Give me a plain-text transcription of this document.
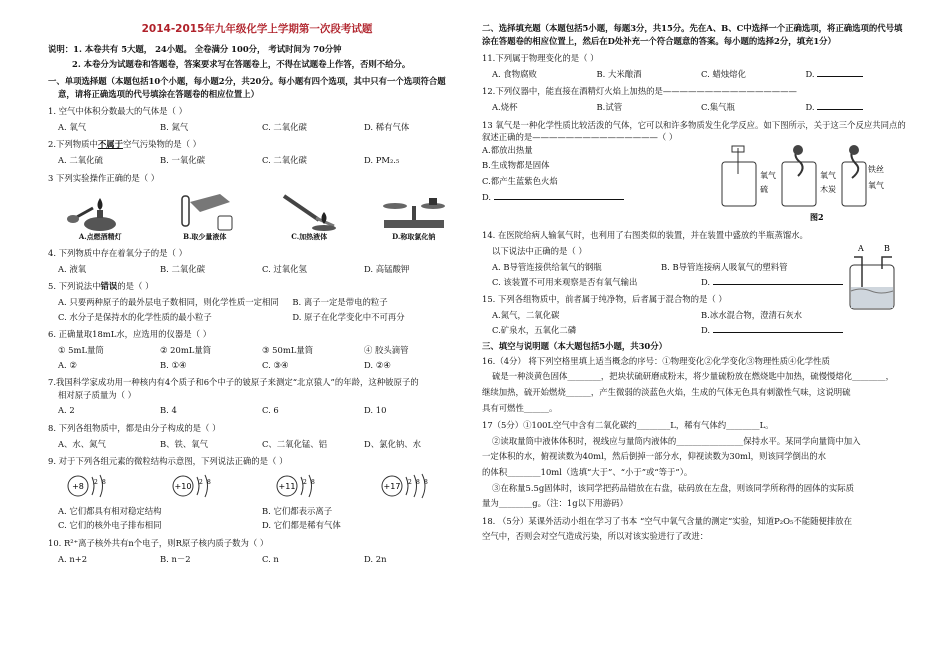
2014-2015年九年级化学上学期第一次段考试题
说明：1. 本卷共有 5大题， 24小题。 全卷满分 100分， 考试时间为 70分钟
2. 本卷分为试题卷和答题卷，答案要求写在答题卷上，不得在试题卷上作答，否则不给分。
一、单项选择题（本题包括10个小题，每小题2分，共20分。每小题有四个选项，其中只有一个选项符合题
意，请将正确选项的代号填涂在答题卷的相应位置上）
1. 空气中体积分数最大的气体是（ ）
A. 氧气	B. 氮气	C. 二氧化碳	D. 稀有气体
2.下列物质中不属于空气污染物的是（ ）
A. 二氧化硫	B. 一氧化碳	C. 二氧化碳	D. PM₂.₅
3 下列实验操作正确的是（ ）
A.点燃酒精灯	B.取少量液体	C.加热液体	D.称取氯化钠
4. 下列物质中存在着氧分子的是（ ）
A. 液氧	B. 二氧化碳	C. 过氧化氢	D. 高锰酸钾
5. 下列说法中错误的是（ ）
A. 只要两种原子的最外层电子数相同，则化学性质一定相同	B. 离子一定是带电的粒子
C. 水分子是保持水的化学性质的最小粒子	D. 原子在化学变化中不可再分
6. 正确量取18mL水，应选用的仪器是（ ）
① 5mL量筒	② 20mL量筒	③ 50mL量筒	④ 胶头滴管
A. ②	B. ①④	C. ③④	D. ②④
7.我国科学家成功用一种核内有4个质子和6个中子的铍原子来测定“北京猿人”的年龄，这种铍原子的
相对原子质量为（ ）
A. 2	B. 4	C. 6	D. 10
8. 下列各组物质中，都是由分子构成的是（ ）
A、水、氮气	B、铁、氧气	C、二氧化锰、铝	D、氯化钠、水
9. 对于下列各组元素的微粒结构示意图，下列说法正确的是（ ）
+8 2 8	+10 2 8	+11 2 8	+17 2 8 8
A. 它们都具有相对稳定结构	B. 它们都表示离子
C. 它们的核外电子排布相同	D. 它们都是稀有气体
10. R²⁺离子核外共有n个电子，则R原子核内质子数为（ ）
A. n+2	B. n－2	C. n	D. 2n
二、选择填充题（本题包括5小题，每题3分，共15分。先在A、B、C中选择一个正确选项，将正确选项的代号填涂在答题卷的相应位置上，然后在D处补充一个符合题意的答案。每小题的选择2分，填充1分）
11.下列属于物理变化的是（ ）
A. 食物腐败	B. 大米酿酒	C. 蜡烛熔化	D.
12.下列仪器中，能直接在酒精灯火焰上加热的是————————————————
A.烧杯	B.试管	C.集气瓶	D.
13 氧气是一种化学性质比较活泼的气体，它可以和许多物质发生化学反应。如下图所示，关于这三个反应共同点的叙述正确的是———————————————（ ）
A.都放出热量
B.生成物都是固体
C.都产生蓝紫色火焰
D.
氧气
硫
氧气
木炭
铁丝
氧气
图2
14. 在医院给病人输氧气时，也利用了右图类似的装置，并在装置中盛放约半瓶蒸馏水。
以下说法中正确的是（ ）	A	B
A. B导管连接供给氧气的钢瓶	B. B导管连接病人吸氧气的塑料管
C. 该装置不可用来观察是否有氧气输出	D.
15. 下列各组物质中，前者属于纯净物，后者属于混合物的是（ ）
A.氮气，二氧化碳	B.冰水混合物，澄清石灰水
C.矿泉水，五氧化二磷	D.
三、填空与说明题（本大题包括5小题，共30分）
16.（4分） 将下列空格里填上适当概念的序号：①物理变化②化学变化③物理性质④化学性质
硫是一种淡黄色固体________，把块状硫研磨成粉末，将少量硫粉放在燃烧匙中加热，硫慢慢熔化________，
继续加热，硫开始燃烧______，产生微弱的淡蓝色火焰，生成的气体无色具有刺激性气味，这说明硫
具有可燃性______。
17（5分）①100L空气中含有二氧化碳约________L，稀有气体约________L。
②读取量筒中液体体积时，视线应与量筒内液体的________________保持水平。某同学向量筒中加入
一定体积的水，俯视读数为40ml，然后倒掉一部分水，仰视读数为30ml，则该同学倒出的水
的体积________10ml（选填“大于”、“小于”或“等于”）。
③在称量5.5g固体时，该同学把药品错放在右盘，砝码放在左盘，则该同学所称得的固体的实际质
量为________g。（注：1g以下用游码）
18. （5分）某课外活动小组在学习了书本 “空气中氧气含量的测定”实验，知道P₂O₅不能随便排放在
空气中，否则会对空气造成污染，所以对该实验进行了改进：
